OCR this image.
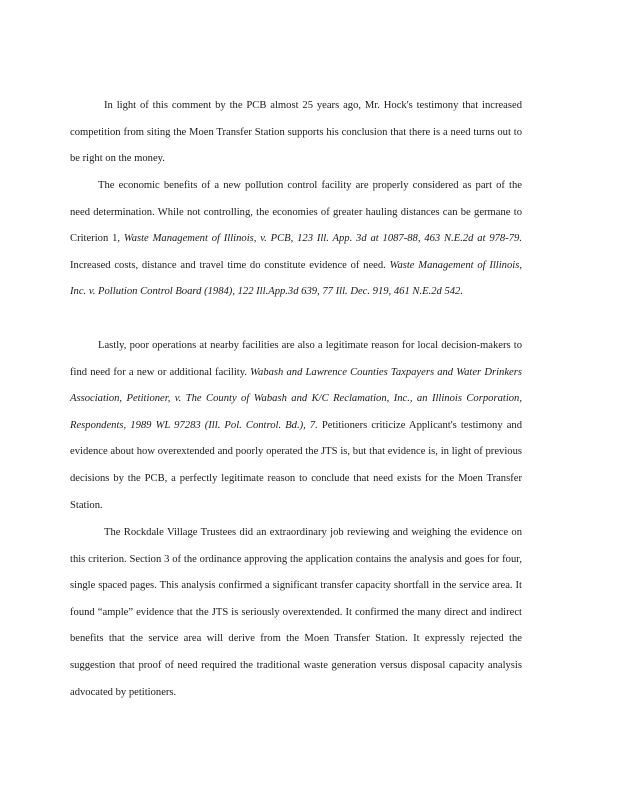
In light of this comment by the PCB almost 25 years ago, Mr. Hock's testimony that increased competition from siting the Moen Transfer Station supports his conclusion that there is a need turns out to be right on the money.

The economic benefits of a new pollution control facility are properly considered as part of the need determination. While not controlling, the economies of greater hauling distances can be germane to Criterion 1, Waste Management of Illinois, v. PCB, 123 Ill. App. 3d at 1087-88, 463 N.E.2d at 978-79. Increased costs, distance and travel time do constitute evidence of need. Waste Management of Illinois, Inc. v. Pollution Control Board (1984), 122 Ill.App.3d 639, 77 Ill. Dec. 919, 461 N.E.2d 542.

Lastly, poor operations at nearby facilities are also a legitimate reason for local decision-makers to find need for a new or additional facility. Wabash and Lawrence Counties Taxpayers and Water Drinkers Association, Petitioner, v. The County of Wabash and K/C Reclamation, Inc., an Illinois Corporation, Respondents, 1989 WL 97283 (Ill. Pol. Control. Bd.), 7. Petitioners criticize Applicant's testimony and evidence about how overextended and poorly operated the JTS is, but that evidence is, in light of previous decisions by the PCB, a perfectly legitimate reason to conclude that need exists for the Moen Transfer Station.

The Rockdale Village Trustees did an extraordinary job reviewing and weighing the evidence on this criterion. Section 3 of the ordinance approving the application contains the analysis and goes for four, single spaced pages. This analysis confirmed a significant transfer capacity shortfall in the service area. It found “ample” evidence that the JTS is seriously overextended. It confirmed the many direct and indirect benefits that the service area will derive from the Moen Transfer Station. It expressly rejected the suggestion that proof of need required the traditional waste generation versus disposal capacity analysis advocated by petitioners.
